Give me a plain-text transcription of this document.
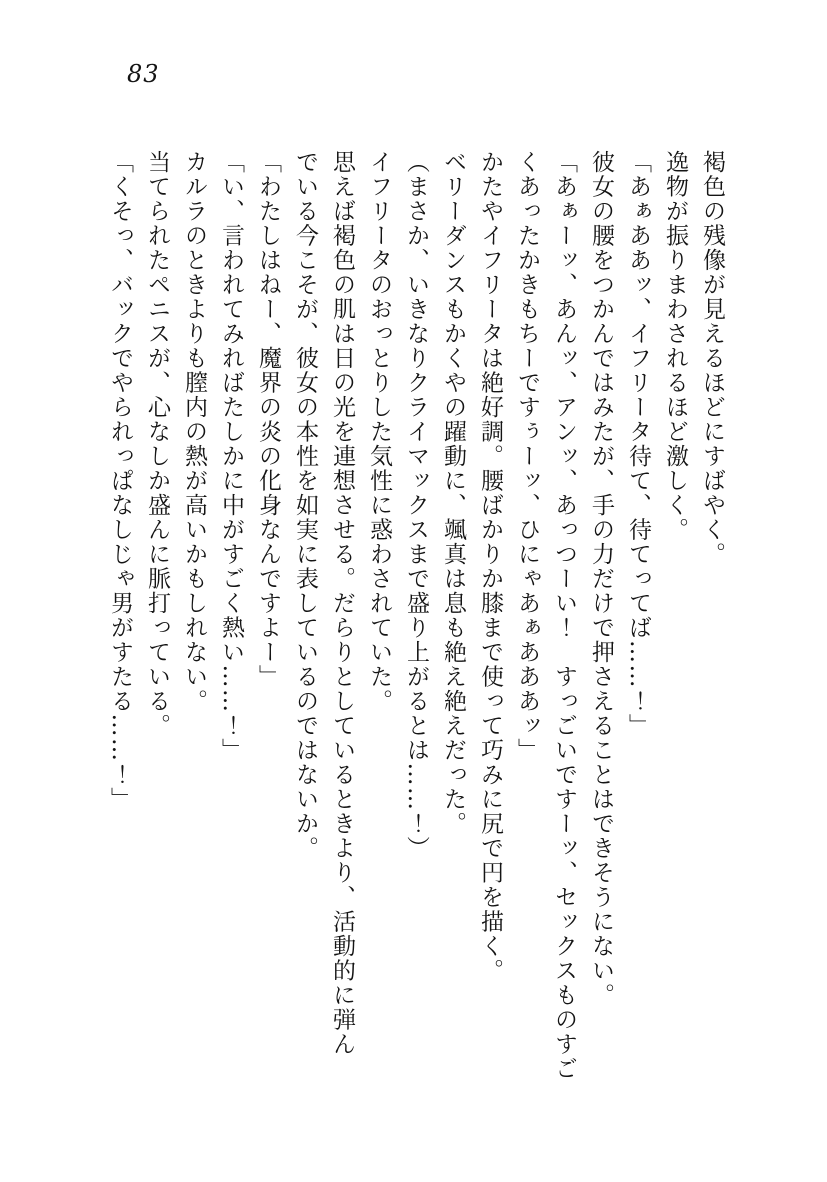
83
褐色の残像が見えるほどにすばやく。
逸物が振りまわされるほど激しく。
「あぁああッ、イフリータ待て、待てってば……！」
彼女の腰をつかんではみたが、手の力だけで押さえることはできそうにない。
「あぁーッ、あんッ、アンッ、あっつーい！　すっごいですーッ、セックスものすご
くあったかきもちーですぅーッ、ひにゃあぁあああッ」
かたやイフリータは絶好調。腰ばかりか膝まで使って巧みに尻で円を描く。
ベリーダンスもかくやの躍動に、颯真は息も絶え絶えだった。
（まさか、いきなりクライマックスまで盛り上がるとは……！）
イフリータのおっとりした気性に惑わされていた。
思えば褐色の肌は日の光を連想させる。だらりとしているときより、活動的に弾ん
でいる今こそが、彼女の本性を如実に表しているのではないか。
「わたしはねー、魔界の炎の化身なんですよー」
「い、言われてみればたしかに中がすごく熱い……！」
カルラのときよりも膣内の熱が高いかもしれない。
当てられたペニスが、心なしか盛んに脈打っている。
「くそっ、バックでやられっぱなしじゃ男がすたる……！」
